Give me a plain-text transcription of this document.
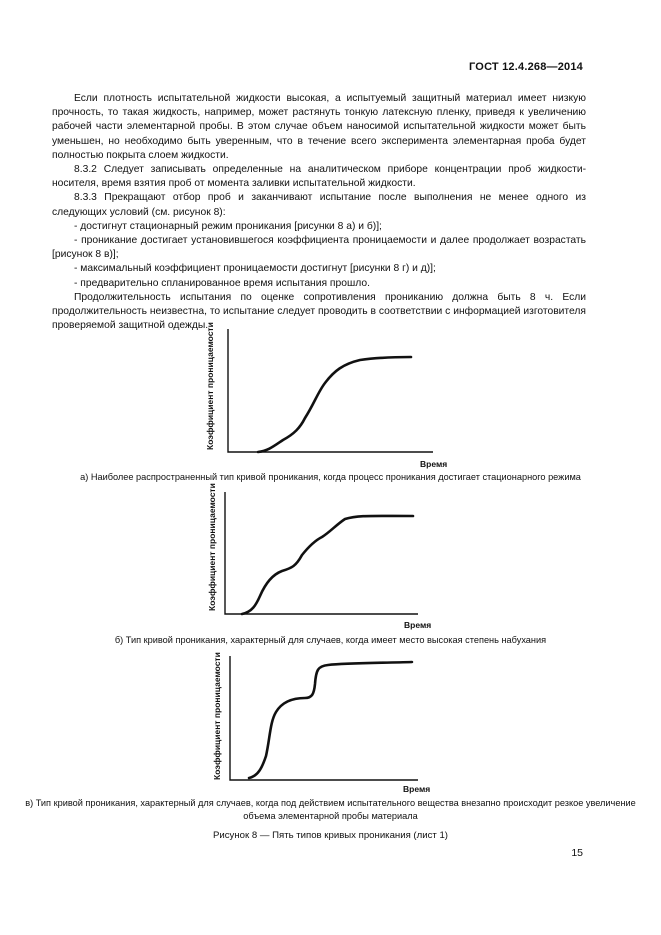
ГОСТ 12.4.268—2014

Если плотность испытательной жидкости высокая, а испытуемый защитный материал имеет низкую прочность, то такая жидкость, например, может растянуть тонкую латексную пленку, приведя к увеличению рабочей части элементарной пробы. В этом случае объем наносимой испытательной жидкости может быть уменьшен, но необходимо быть уверенным, что в течение всего эксперимента элементарная проба будет полностью покрыта слоем жидкости.

8.3.2 Следует записывать определенные на аналитическом приборе концентрации проб жидкости-носителя, время взятия проб от момента заливки испытательной жидкости.

8.3.3 Прекращают отбор проб и заканчивают испытание после выполнения не менее одного из следующих условий (см. рисунок 8):

- достигнут стационарный режим проникания [рисунки 8 а) и б)];

- проникание достигает установившегося коэффициента проницаемости и далее продолжает возрастать [рисунок 8 в)];

- максимальный коэффициент проницаемости достигнут [рисунки 8 г) и д)];

- предварительно спланированное время испытания прошло.

Продолжительность испытания по оценке сопротивления прониканию должна быть 8 ч. Если продолжительность неизвестна, то испытание следует проводить в соответствии с информацией изготовителя проверяемой защитной одежды.

Коэффициент проницаемости
Время
а) Наиболее распространенный тип кривой проникания, когда процесс проникания достигает стационарного режима
Коэффициент проницаемости
Время
б) Тип кривой проникания, характерный для случаев, когда имеет место высокая степень набухания
Коэффициент проницаемости
Время
в) Тип кривой проникания, характерный для случаев, когда под действием испытательного вещества внезапно происходит резкое увеличение объема элементарной пробы материала
Рисунок 8 — Пять типов кривых проникания (лист 1)
15
